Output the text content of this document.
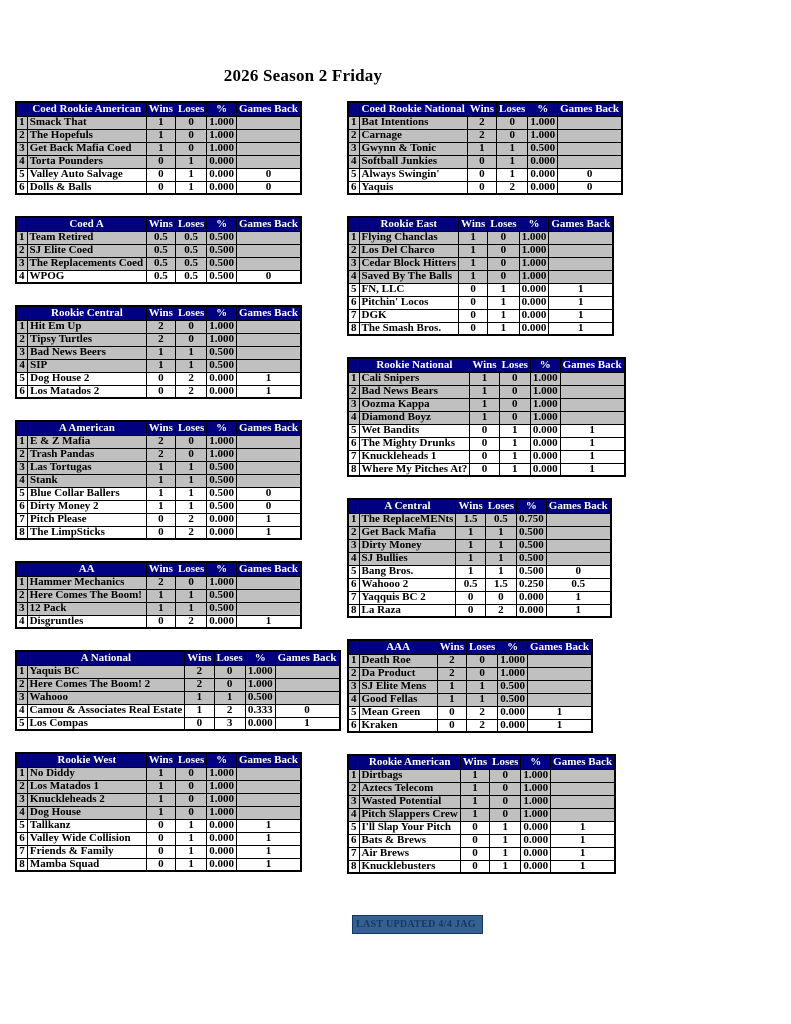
2026 Season 2 Friday
	Coed Rookie American	Wins	Loses	%	Games Back
1	Smack That	1	0	1.000	
2	The Hopefuls	1	0	1.000	
3	Get Back Mafia Coed	1	0	1.000	
4	Torta Pounders	0	1	0.000	
5	Valley Auto Salvage	0	1	0.000	0
6	Dolls & Balls	0	1	0.000	0
	Coed A	Wins	Loses	%	Games Back
1	Team Retired	0.5	0.5	0.500	
2	SJ Elite Coed	0.5	0.5	0.500	
3	The Replacements Coed	0.5	0.5	0.500	
4	WPOG	0.5	0.5	0.500	0
	Rookie Central	Wins	Loses	%	Games Back
1	Hit Em Up	2	0	1.000	
2	Tipsy Turtles	2	0	1.000	
3	Bad News Beers	1	1	0.500	
4	SIP	1	1	0.500	
5	Dog House 2	0	2	0.000	1
6	Los Matados 2	0	2	0.000	1
	A American	Wins	Loses	%	Games Back
1	E & Z Mafia	2	0	1.000	
2	Trash Pandas	2	0	1.000	
3	Las Tortugas	1	1	0.500	
4	Stank	1	1	0.500	
5	Blue Collar Ballers	1	1	0.500	0
6	Dirty Money 2	1	1	0.500	0
7	Pitch Please	0	2	0.000	1
8	The LimpSticks	0	2	0.000	1
	AA	Wins	Loses	%	Games Back
1	Hammer Mechanics	2	0	1.000	
2	Here Comes The Boom!	1	1	0.500	
3	12 Pack	1	1	0.500	
4	Disgruntles	0	2	0.000	1
	A National	Wins	Loses	%	Games Back
1	Yaquis BC	2	0	1.000	
2	Here Comes The Boom! 2	2	0	1.000	
3	Wahooo	1	1	0.500	
4	Camou & Associates Real Estate	1	2	0.333	0
5	Los Compas	0	3	0.000	1
	Rookie West	Wins	Loses	%	Games Back
1	No Diddy	1	0	1.000	
2	Los Matados 1	1	0	1.000	
3	Knuckleheads 2	1	0	1.000	
4	Dog House	1	0	1.000	
5	Tallkanz	0	1	0.000	1
6	Valley Wide Collision	0	1	0.000	1
7	Friends & Family	0	1	0.000	1
8	Mamba Squad	0	1	0.000	1
	Coed Rookie National	Wins	Loses	%	Games Back
1	Bat Intentions	2	0	1.000	
2	Carnage	2	0	1.000	
3	Gwynn & Tonic	1	1	0.500	
4	Softball Junkies	0	1	0.000	
5	Always Swingin'	0	1	0.000	0
6	Yaquis	0	2	0.000	0
	Rookie East	Wins	Loses	%	Games Back
1	Flying Chanclas	1	0	1.000	
2	Los Del Charco	1	0	1.000	
3	Cedar Block Hitters	1	0	1.000	
4	Saved By The Balls	1	0	1.000	
5	FN, LLC	0	1	0.000	1
6	Pitchin' Locos	0	1	0.000	1
7	DGK	0	1	0.000	1
8	The Smash Bros.	0	1	0.000	1
	Rookie National	Wins	Loses	%	Games Back
1	Cali Snipers	1	0	1.000	
2	Bad News Bears	1	0	1.000	
3	Oozma Kappa	1	0	1.000	
4	Diamond Boyz	1	0	1.000	
5	Wet Bandits	0	1	0.000	1
6	The Mighty Drunks	0	1	0.000	1
7	Knuckleheads 1	0	1	0.000	1
8	Where My Pitches At?	0	1	0.000	1
	A Central	Wins	Loses	%	Games Back
1	The ReplaceMENts	1.5	0.5	0.750	
2	Get Back Mafia	1	1	0.500	
3	Dirty Money	1	1	0.500	
4	SJ Bullies	1	1	0.500	
5	Bang Bros.	1	1	0.500	0
6	Wahooo 2	0.5	1.5	0.250	0.5
7	Yaqquis BC 2	0	0	0.000	1
8	La Raza	0	2	0.000	1
	AAA	Wins	Loses	%	Games Back
1	Death Roe	2	0	1.000	
2	Da Product	2	0	1.000	
3	SJ Elite Mens	1	1	0.500	
4	Good Fellas	1	1	0.500	
5	Mean Green	0	2	0.000	1
6	Kraken	0	2	0.000	1
	Rookie American	Wins	Loses	%	Games Back
1	Dirtbags	1	0	1.000	
2	Aztecs Telecom	1	0	1.000	
3	Wasted Potential	1	0	1.000	
4	Pitch Slappers Crew	1	0	1.000	
5	I'll Slap Your Pitch	0	1	0.000	1
6	Bats & Brews	0	1	0.000	1
7	Air Brews	0	1	0.000	1
8	Knucklebusters	0	1	0.000	1
LAST UPDATED 4/4 JAG
